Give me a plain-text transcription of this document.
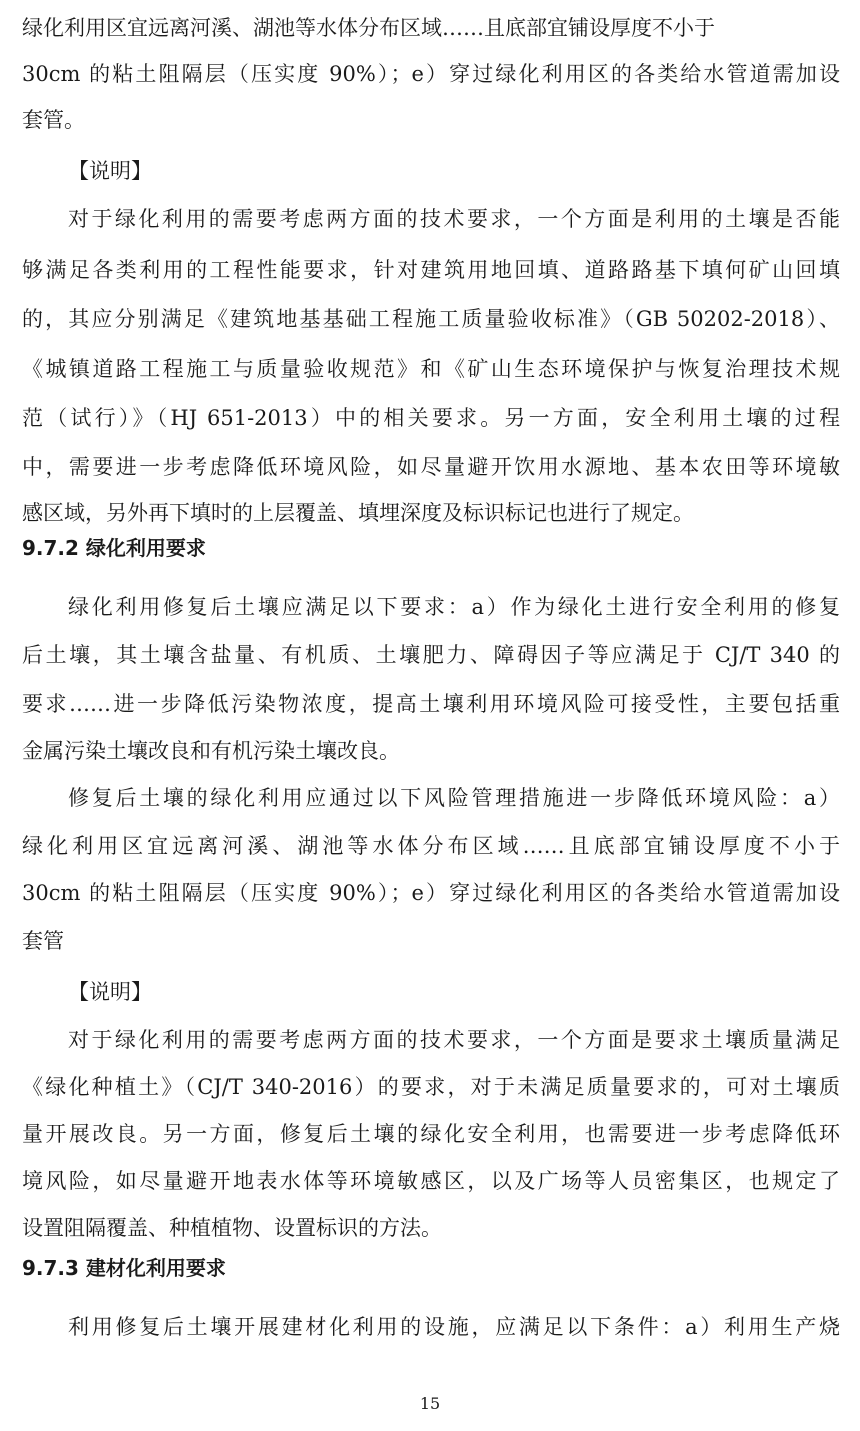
绿化利用区宜远离河溪、湖池等水体分布区域……且底部宜铺设厚度不小于
30cm 的粘土阻隔层（压实度 90%）；e）穿过绿化利用区的各类给水管道需加设
套管。
【说明】
对于绿化利用的需要考虑两方面的技术要求，一个方面是利用的土壤是否能
够满足各类利用的工程性能要求，针对建筑用地回填、道路路基下填何矿山回填
的，其应分别满足《建筑地基基础工程施工质量验收标准》（GB 50202-2018）、
《城镇道路工程施工与质量验收规范》和《矿山生态环境保护与恢复治理技术规
范（试行）》（HJ 651-2013）中的相关要求。另一方面，安全利用土壤的过程
中，需要进一步考虑降低环境风险，如尽量避开饮用水源地、基本农田等环境敏
感区域，另外再下填时的上层覆盖、填埋深度及标识标记也进行了规定。
9.7.2 绿化利用要求
绿化利用修复后土壤应满足以下要求：a）作为绿化土进行安全利用的修复
后土壤，其土壤含盐量、有机质、土壤肥力、障碍因子等应满足于 CJ/T 340 的
要求……进一步降低污染物浓度，提高土壤利用环境风险可接受性，主要包括重
金属污染土壤改良和有机污染土壤改良。
修复后土壤的绿化利用应通过以下风险管理措施进一步降低环境风险：a）
绿化利用区宜远离河溪、湖池等水体分布区域……且底部宜铺设厚度不小于
30cm 的粘土阻隔层（压实度 90%）；e）穿过绿化利用区的各类给水管道需加设
套管
【说明】
对于绿化利用的需要考虑两方面的技术要求，一个方面是要求土壤质量满足
《绿化种植土》（CJ/T 340-2016）的要求，对于未满足质量要求的，可对土壤质
量开展改良。另一方面，修复后土壤的绿化安全利用，也需要进一步考虑降低环
境风险，如尽量避开地表水体等环境敏感区，以及广场等人员密集区，也规定了
设置阻隔覆盖、种植植物、设置标识的方法。
9.7.3 建材化利用要求
利用修复后土壤开展建材化利用的设施，应满足以下条件：a）利用生产烧
15
